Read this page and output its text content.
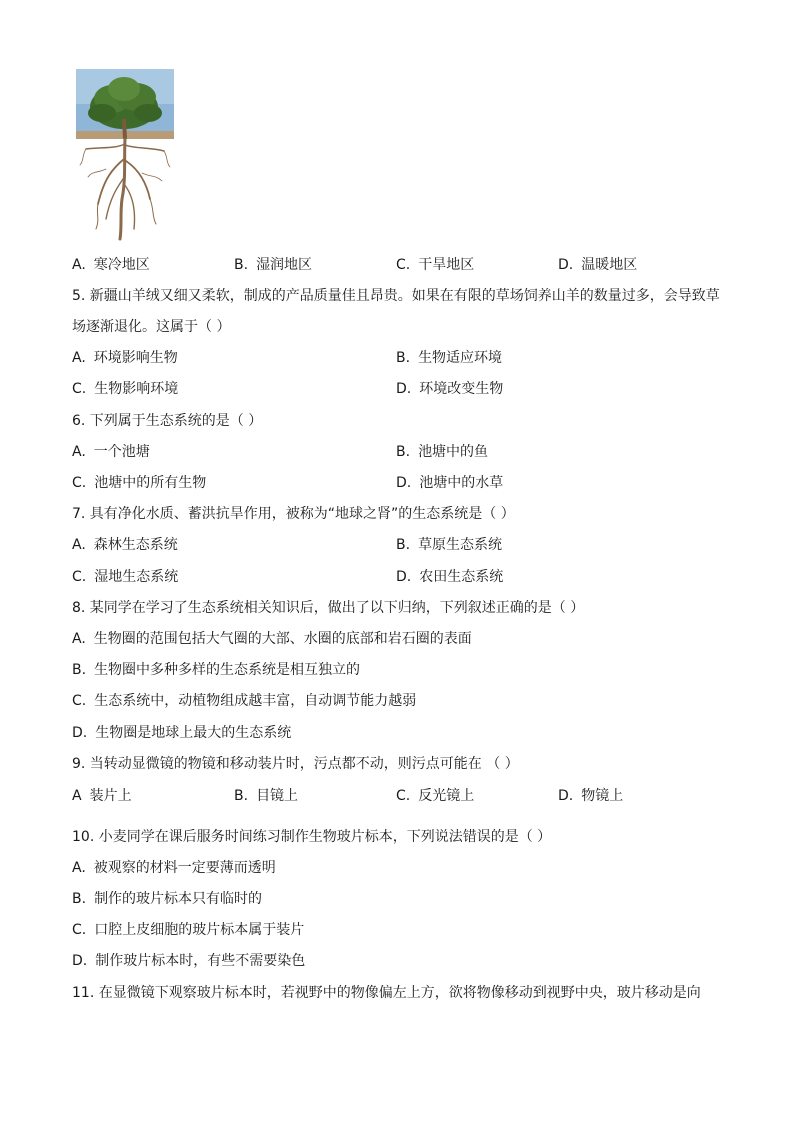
A. 寒冷地区	B. 湿润地区	C. 干旱地区	D. 温暖地区
5. 新疆山羊绒又细又柔软，制成的产品质量佳且昂贵。如果在有限的草场饲养山羊的数量过多，会导致草
场逐渐退化。这属于（ ）
A. 环境影响生物	B. 生物适应环境
C. 生物影响环境	D. 环境改变生物
6. 下列属于生态系统的是（ ）
A. 一个池塘	B. 池塘中的鱼
C. 池塘中的所有生物	D. 池塘中的水草
7. 具有净化水质、蓄洪抗旱作用，被称为“地球之肾”的生态系统是（ ）
A. 森林生态系统	B. 草原生态系统
C. 湿地生态系统	D. 农田生态系统
8. 某同学在学习了生态系统相关知识后，做出了以下归纳，下列叙述正确的是（ ）
A. 生物圈的范围包括大气圈的大部、水圈的底部和岩石圈的表面
B. 生物圈中多种多样的生态系统是相互独立的
C. 生态系统中，动植物组成越丰富，自动调节能力越弱
D. 生物圈是地球上最大的生态系统
9. 当转动显微镜的物镜和移动装片时，污点都不动，则污点可能在 （ ）
A 装片上	B. 目镜上	C. 反光镜上	D. 物镜上
10. 小麦同学在课后服务时间练习制作生物玻片标本，下列说法错误的是（ ）
A. 被观察的材料一定要薄而透明
B. 制作的玻片标本只有临时的
C. 口腔上皮细胞的玻片标本属于装片
D. 制作玻片标本时，有些不需要染色
11. 在显微镜下观察玻片标本时，若视野中的物像偏左上方，欲将物像移动到视野中央，玻片移动是向
